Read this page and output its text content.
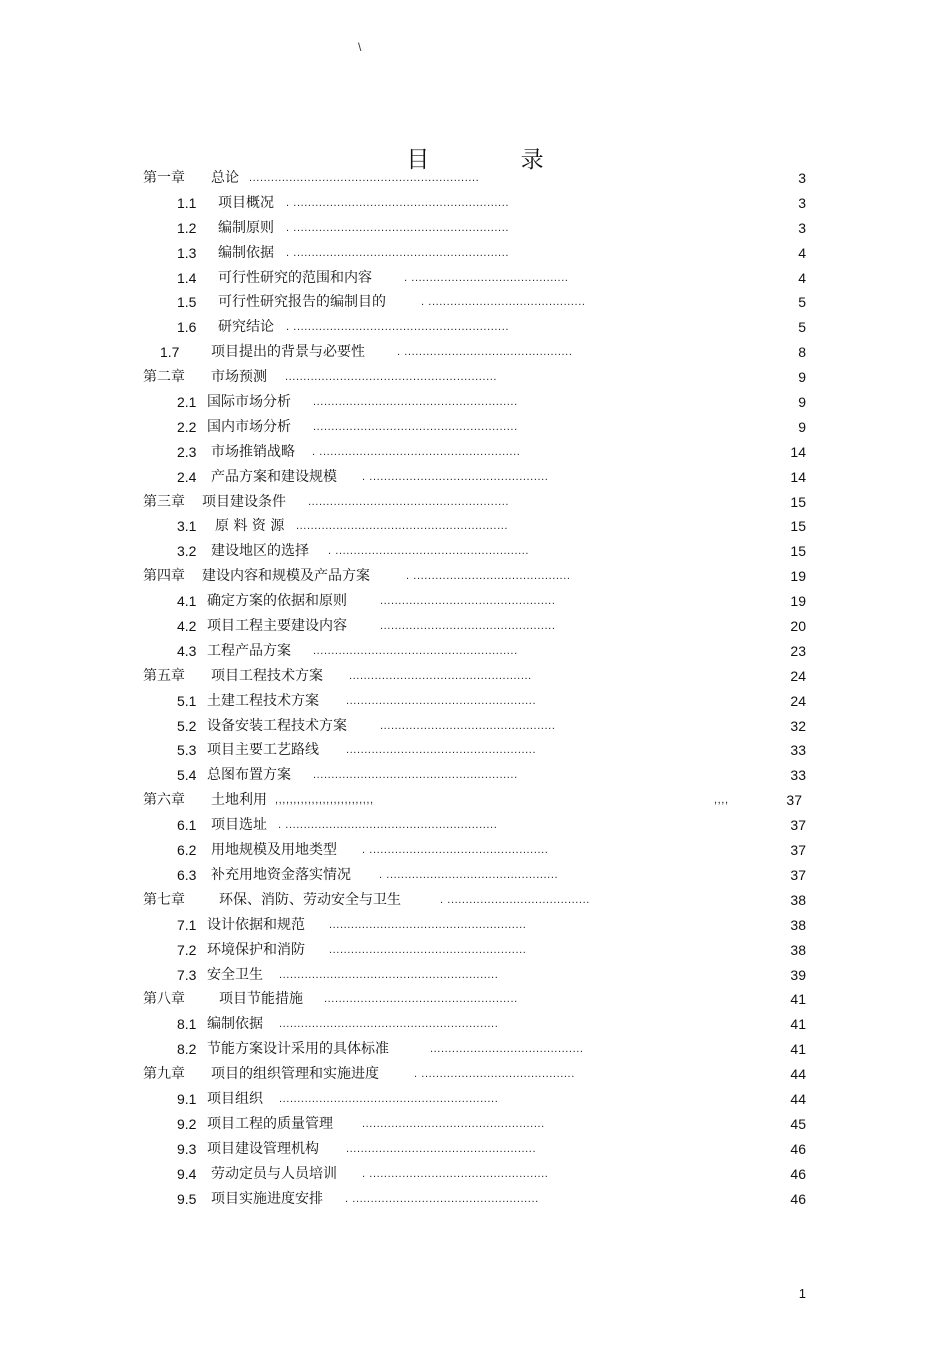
\
目 录
第一章 总论 ...............................................................	3
1.1 项目概况 . ...........................................................	3
1.2 编制原则 . ...........................................................	3
1.3 编制依据 . ...........................................................	4
1.4 可行性研究的范围和内容	. ...........................................	4
1.5 可行性研究报告的编制目的	. ...........................................	5
1.6 研究结论 . ...........................................................	5
1.7 项目提出的背景与必要性	. ..............................................	8
第二章 市场预测 ..........................................................	9
2.1 国际市场分析 ........................................................	9
2.2 国内市场分析 ........................................................	9
2.3 市场推销战略 . .......................................................	14
2.4 产品方案和建设规模 . .................................................	14
第三章 项目建设条件 .......................................................	15
3.1 原 料 资 源 ..........................................................	15
3.2 建设地区的选择 . .....................................................	15
第四章 建设内容和规模及产品方案	. ...........................................	19
4.1 确定方案的依据和原则	................................................	19
4.2 项目工程主要建设内容	................................................	20
4.3 工程产品方案 ........................................................	23
第五章 项目工程技术方案 ..................................................	24
5.1 土建工程技术方案 ....................................................	24
5.2 设备安装工程技术方案	................................................	32
5.3 项目主要工艺路线 ....................................................	33
5.4 总图布置方案 ........................................................	33
第六章 土地利用 ,,,,,,,,,,,,,,,,,,,,,,,,,,,	,,,,	37
6.1 项目选址 . ..........................................................	37
6.2 用地规模及用地类型 . .................................................	37
6.3 补充用地资金落实情况	. ...............................................	37
第七章 环保、消防、劳动安全与卫生	. .......................................	38
7.1 设计依据和规范 ......................................................	38
7.2 环境保护和消防 ......................................................	38
7.3 安全卫生 ............................................................	39
第八章 项目节能措施 .....................................................	41
8.1 编制依据 ............................................................	41
8.2 节能方案设计采用的具体标准	..........................................	41
第九章 项目的组织管理和实施进度	. ..........................................	44
9.1 项目组织 ............................................................	44
9.2 项目工程的质量管理	..................................................	45
9.3 项目建设管理机构 ....................................................	46
9.4 劳动定员与人员培训 . .................................................	46
9.5 项目实施进度安排 . ...................................................	46
1
